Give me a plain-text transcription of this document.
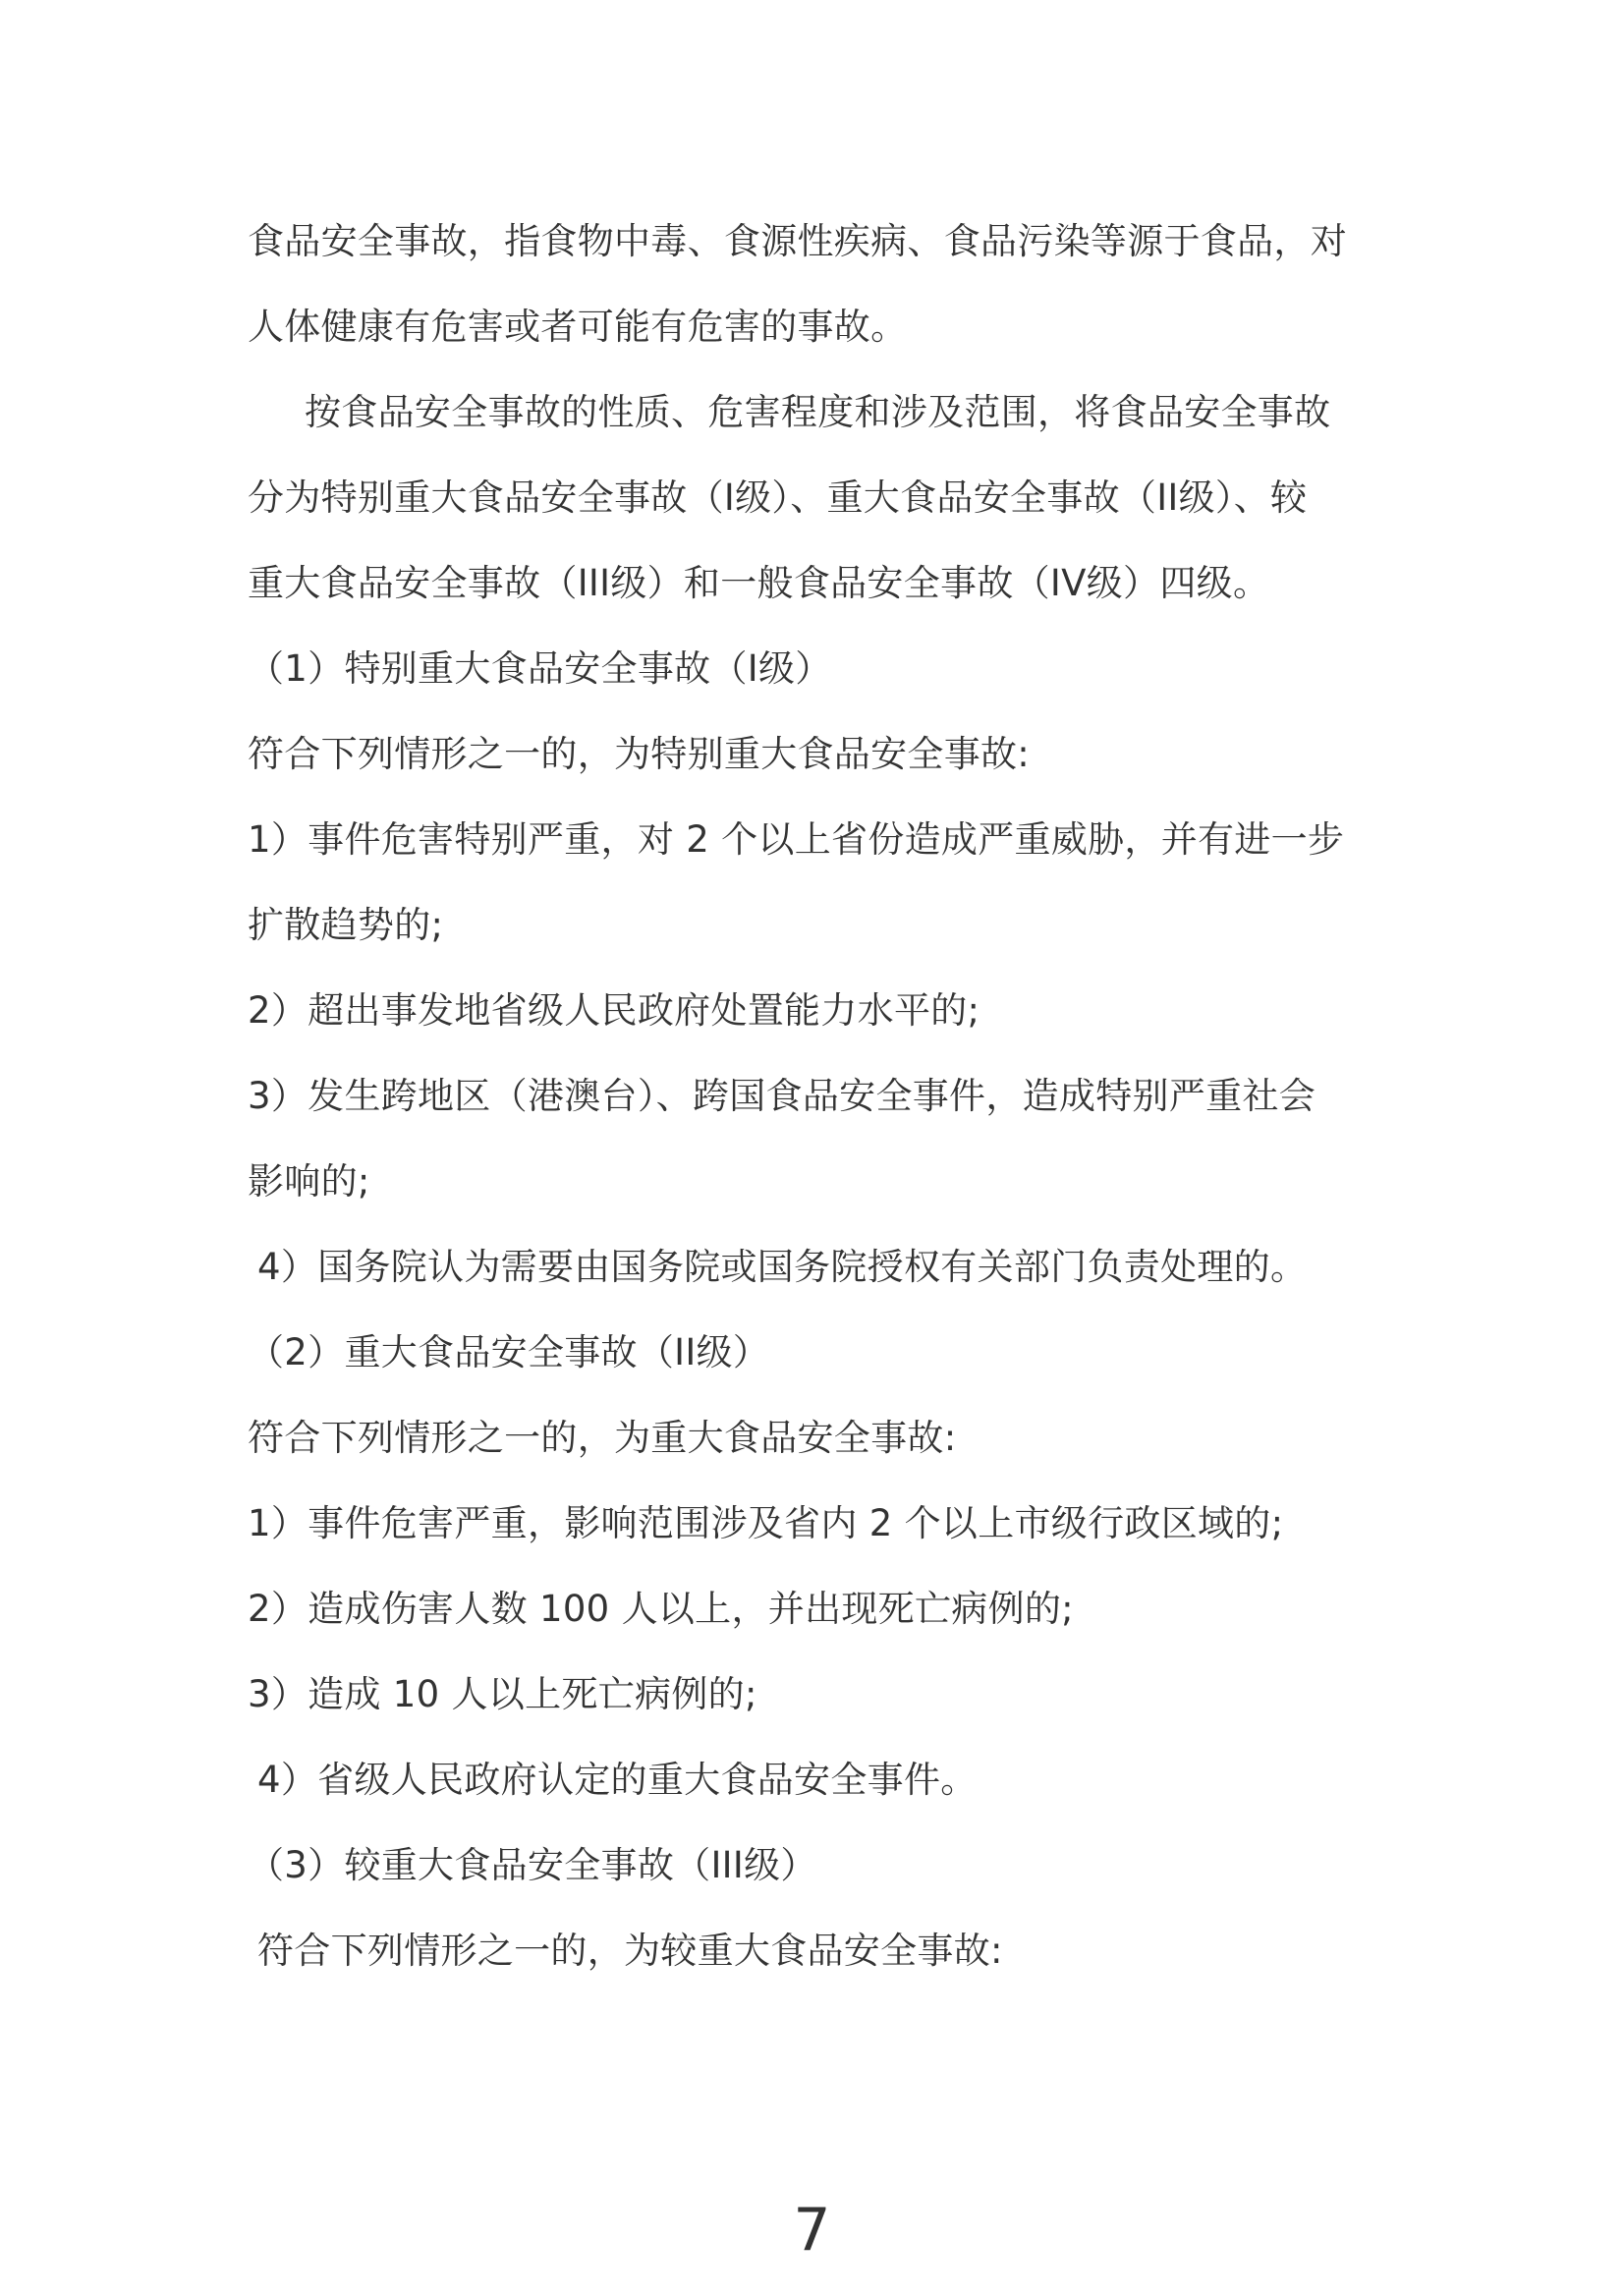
食品安全事故，指食物中毒、食源性疾病、食品污染等源于食品，对
人体健康有危害或者可能有危害的事故。
按食品安全事故的性质、危害程度和涉及范围，将食品安全事故
分为特别重大食品安全事故（I级）、重大食品安全事故（II级）、较
重大食品安全事故（III级）和一般食品安全事故（IV级）四级。
（1）特别重大食品安全事故（I级）
符合下列情形之一的，为特别重大食品安全事故:
1）事件危害特别严重，对 2 个以上省份造成严重威胁，并有进一步
扩散趋势的;
2）超出事发地省级人民政府处置能力水平的;
3）发生跨地区（港澳台）、跨国食品安全事件，造成特别严重社会
影响的;
4）国务院认为需要由国务院或国务院授权有关部门负责处理的。
（2）重大食品安全事故（II级）
符合下列情形之一的，为重大食品安全事故:
1）事件危害严重，影响范围涉及省内 2 个以上市级行政区域的;
2）造成伤害人数 100 人以上，并出现死亡病例的;
3）造成 10 人以上死亡病例的;
4）省级人民政府认定的重大食品安全事件。
（3）较重大食品安全事故（III级）
符合下列情形之一的，为较重大食品安全事故:
7
